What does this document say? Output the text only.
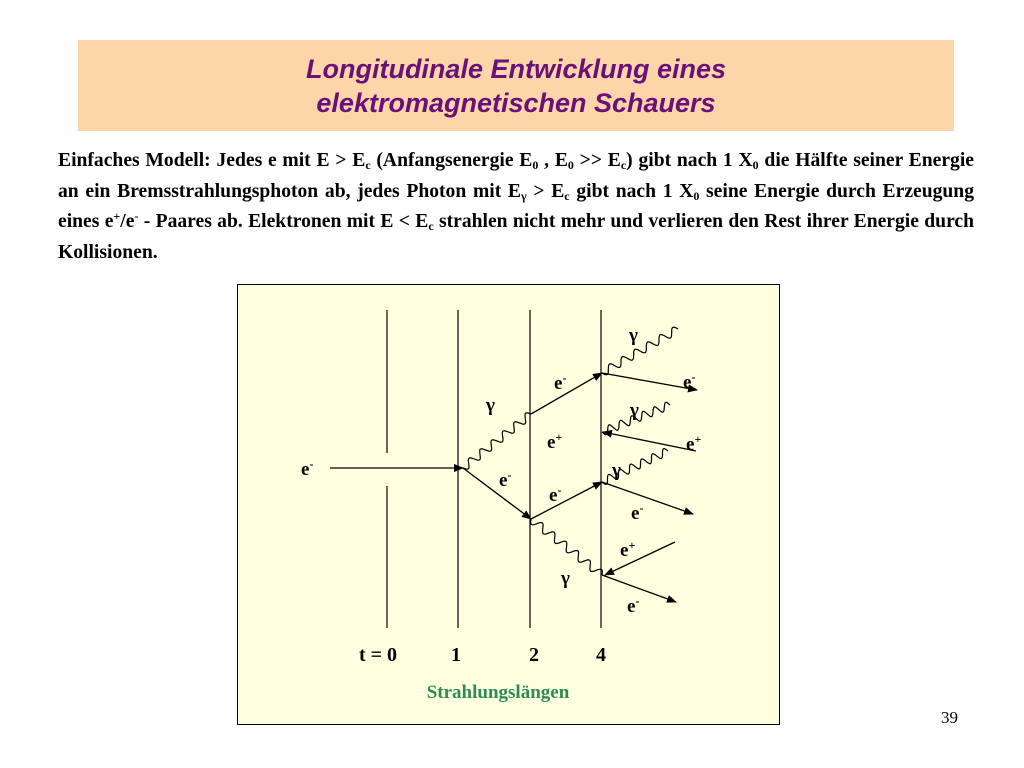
Longitudinale Entwicklung eines
elektromagnetischen Schauers
Einfaches Modell: Jedes e mit $E > E_c$ (Anfangsenergie $E_0$ , $E_0 >> E_c$) gibt nach 1 $X_0$ die Hälfte seiner Energie an ein Bremsstrahlungsphoton ab, jedes Photon mit $E_\gamma > E_c$ gibt nach 1 $X_0$ seine Energie durch Erzeugung eines e+/e- - Paares ab. Elektronen mit $E < E_c$ strahlen nicht mehr und verlieren den Rest ihrer Energie durch Kollisionen.
e-
e-	e-
γ
γ
γ
e+	e+
e-
e-
γ
e-
e+
γ
e-
t = 0	1	2	4
Strahlungslängen
39
